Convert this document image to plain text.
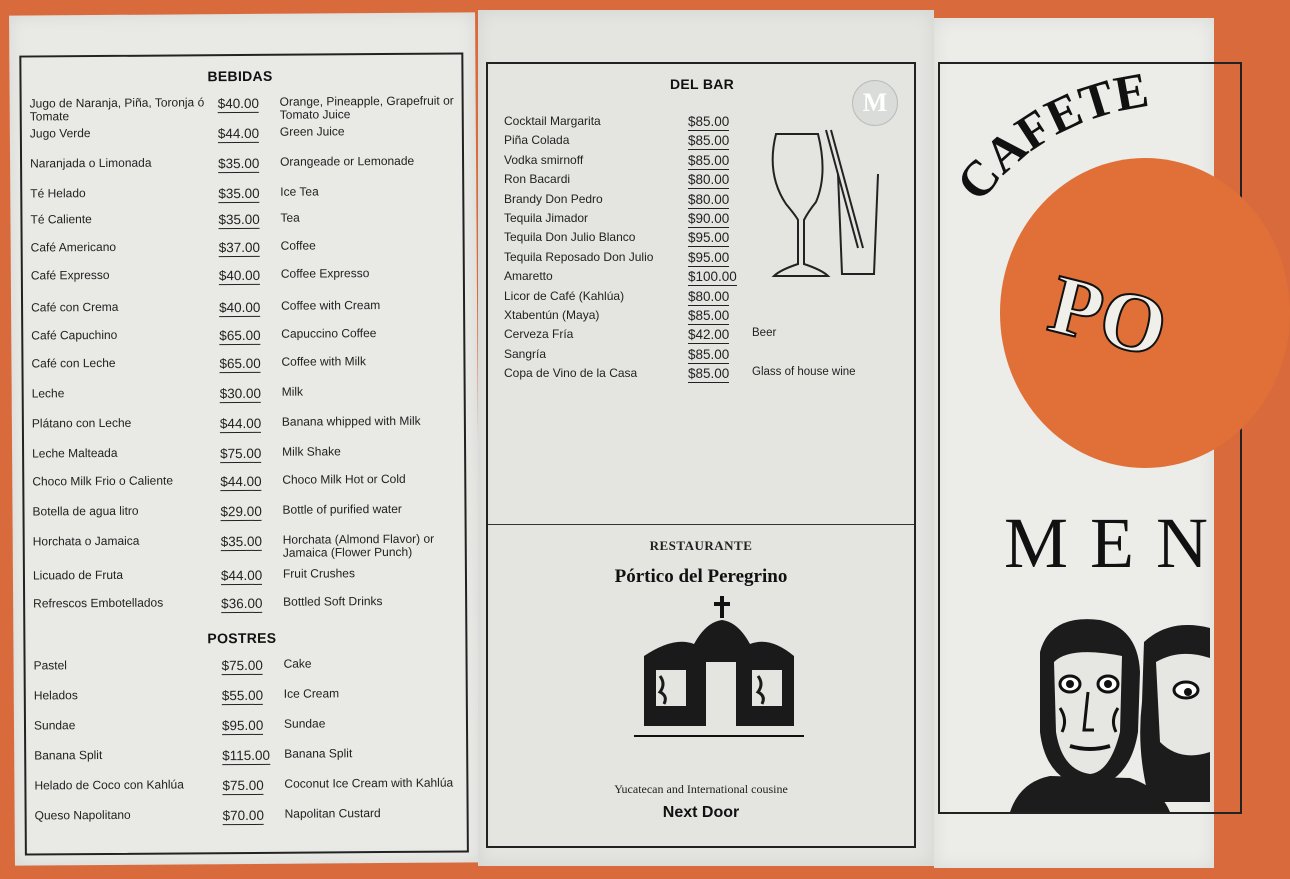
BEBIDAS
Jugo de Naranja, Piña, Toronja ó Tomate
$40.00 Orange, Pineapple, Grapefruit or Tomato Juice
Jugo Verde	$44.00 Green Juice
Naranjada o Limonada	$35.00 Orangeade or Lemonade
Té Helado	$35.00 Ice Tea
Té Caliente	$35.00 Tea
Café Americano	$37.00 Coffee
Café Expresso	$40.00 Coffee Expresso
Café con Crema	$40.00 Coffee with Cream
Café Capuchino	$65.00 Capuccino Coffee
Café con Leche	$65.00 Coffee with Milk
Leche	$30.00 Milk
Plátano con Leche	$44.00 Banana whipped with Milk
Leche Malteada	$75.00 Milk Shake
Choco Milk Frio o Caliente	$44.00 Choco Milk Hot or Cold
Botella de agua litro	$29.00 Bottle of purified water
Horchata o Jamaica	$35.00 Horchata (Almond Flavor) or Jamaica (Flower Punch)
Licuado de Fruta	$44.00 Fruit Crushes
Refrescos Embotellados	$36.00 Bottled Soft Drinks
POSTRES
Pastel	$75.00 Cake
Helados	$55.00 Ice Cream
Sundae	$95.00 Sundae
Banana Split	$115.00 Banana Split
Helado de Coco con Kahlúa	$75.00 Coconut Ice Cream with Kahlúa
Queso Napolitano	$70.00 Napolitan Custard
DEL BAR
M
Cocktail Margarita	$85.00
Piña Colada	$85.00
Vodka smirnoff	$85.00
Ron Bacardi	$80.00
Brandy Don Pedro	$80.00
Tequila Jimador	$90.00
Tequila Don Julio Blanco	$95.00
Tequila Reposado Don Julio	$95.00
Amaretto	$100.00
Licor de Café (Kahlúa)	$80.00
Xtabentún (Maya)	$85.00
Cerveza Fría	$42.00 Beer
Sangría	$85.00
Copa de Vino de la Casa	$85.00 Glass of house wine
RESTAURANTE
Pórtico del Peregrino
Yucatecan and International cousine
Next Door
CAFETE
PO
MEN
